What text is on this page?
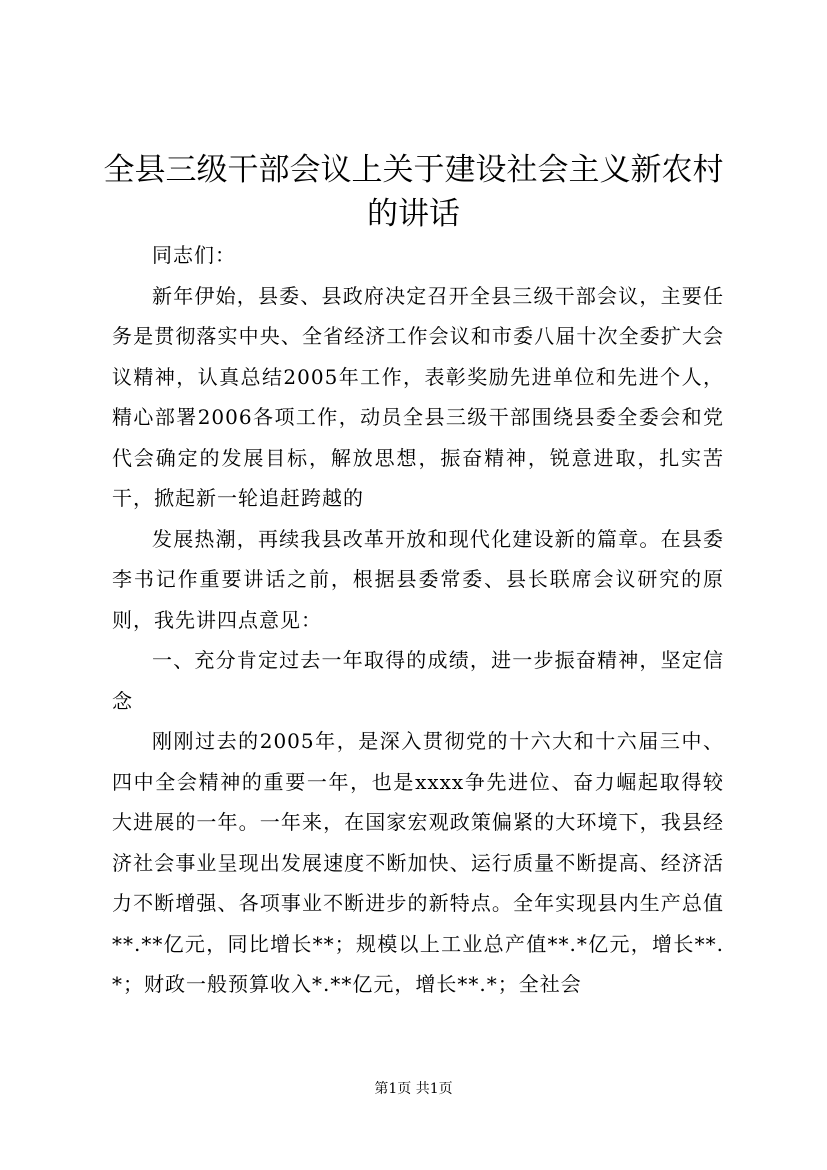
全县三级干部会议上关于建设社会主义新农村的讲话

同志们：

新年伊始，县委、县政府决定召开全县三级干部会议，主要任务是贯彻落实中央、全省经济工作会议和市委八届十次全委扩大会议精神，认真总结2005年工作，表彰奖励先进单位和先进个人，精心部署2006各项工作，动员全县三级干部围绕县委全委会和党代会确定的发展目标，解放思想，振奋精神，锐意进取，扎实苦干，掀起新一轮追赶跨越的

发展热潮，再续我县改革开放和现代化建设新的篇章。在县委李书记作重要讲话之前，根据县委常委、县长联席会议研究的原则，我先讲四点意见：

一、充分肯定过去一年取得的成绩，进一步振奋精神，坚定信念

刚刚过去的2005年，是深入贯彻党的十六大和十六届三中、四中全会精神的重要一年，也是xxxx争先进位、奋力崛起取得较大进展的一年。一年来，在国家宏观政策偏紧的大环境下，我县经济社会事业呈现出发展速度不断加快、运行质量不断提高、经济活力不断增强、各项事业不断进步的新特点。全年实现县内生产总值**.**亿元，同比增长**；规模以上工业总产值**.*亿元，增长**.*；财政一般预算收入*.**亿元，增长**.*；全社会

第1页 共1页
